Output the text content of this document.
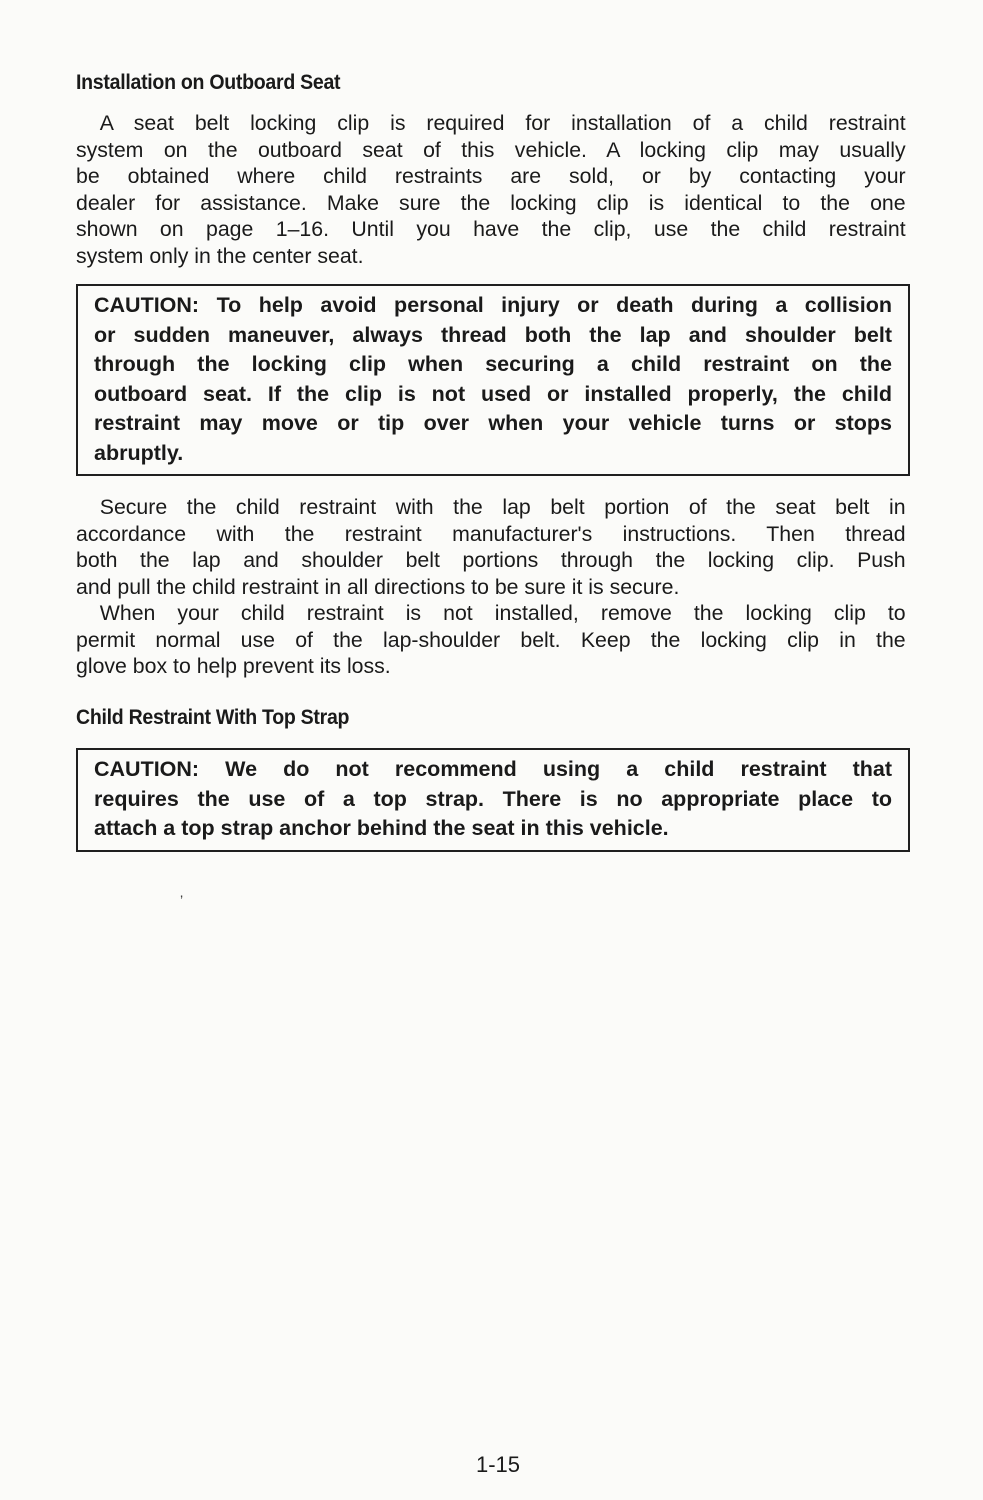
Installation on Outboard Seat
A seat belt locking clip is required for installation of a child restraint
system on the outboard seat of this vehicle. A locking clip may usually
be obtained where child restraints are sold, or by contacting your
dealer for assistance. Make sure the locking clip is identical to the one
shown on page 1–16. Until you have the clip, use the child restraint
system only in the center seat.
CAUTION: To help avoid personal injury or death during a collision
or sudden maneuver, always thread both the lap and shoulder belt
through the locking clip when securing a child restraint on the
outboard seat. If the clip is not used or installed properly, the child
restraint may move or tip over when your vehicle turns or stops
abruptly.
Secure the child restraint with the lap belt portion of the seat belt in
accordance with the restraint manufacturer's instructions. Then thread
both the lap and shoulder belt portions through the locking clip. Push
and pull the child restraint in all directions to be sure it is secure.
When your child restraint is not installed, remove the locking clip to
permit normal use of the lap-shoulder belt. Keep the locking clip in the
glove box to help prevent its loss.
Child Restraint With Top Strap
CAUTION: We do not recommend using a child restraint that
requires the use of a top strap. There is no appropriate place to
attach a top strap anchor behind the seat in this vehicle.
’
1-15
